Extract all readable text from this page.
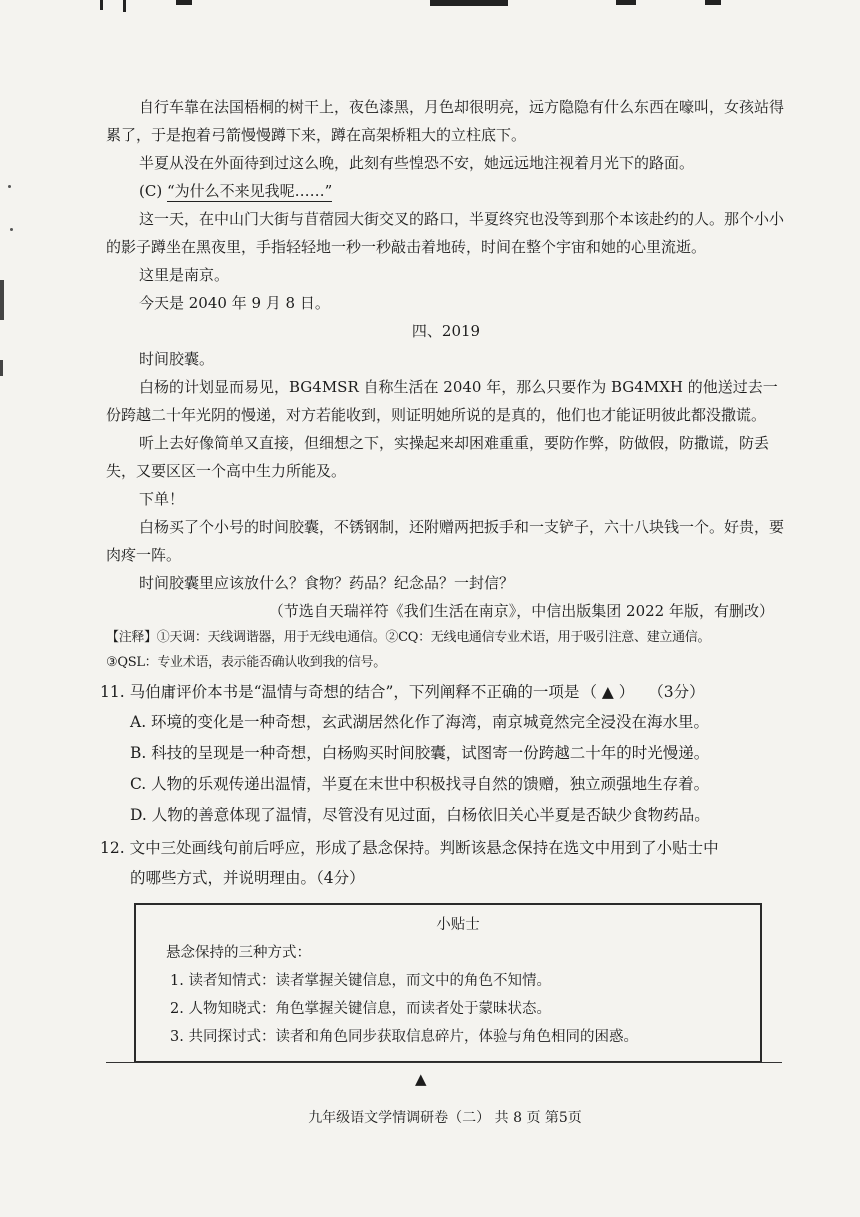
自行车靠在法国梧桐的树干上，夜色漆黑，月色却很明亮，远方隐隐有什么东西在嚎叫，女孩站得累了，于是抱着弓箭慢慢蹲下来，蹲在高架桥粗大的立柱底下。

半夏从没在外面待到过这么晚，此刻有些惶恐不安，她远远地注视着月光下的路面。

(C) “为什么不来见我呢……”

这一天，在中山门大街与苜蓿园大街交叉的路口，半夏终究也没等到那个本该赴约的人。那个小小的影子蹲坐在黑夜里，手指轻轻地一秒一秒敲击着地砖，时间在整个宇宙和她的心里流逝。

这里是南京。

今天是 2040 年 9 月 8 日。

四、2019

时间胶囊。

白杨的计划显而易见，BG4MSR 自称生活在 2040 年，那么只要作为 BG4MXH 的他送过去一份跨越二十年光阴的慢递，对方若能收到，则证明她所说的是真的，他们也才能证明彼此都没撒谎。

听上去好像简单又直接，但细想之下，实操起来却困难重重，要防作弊，防做假，防撒谎，防丢失，又要区区一个高中生力所能及。

下单！

白杨买了个小号的时间胶囊，不锈钢制，还附赠两把扳手和一支铲子，六十八块钱一个。好贵，要肉疼一阵。

时间胶囊里应该放什么？食物？药品？纪念品？一封信？

（节选自天瑞祥符《我们生活在南京》，中信出版集团 2022 年版，有删改）

【注释】①天调：天线调谐器，用于无线电通信。②CQ：无线电通信专业术语，用于吸引注意、建立通信。

③QSL：专业术语，表示能否确认收到我的信号。

11. 马伯庸评价本书是“温情与奇想的结合”，下列阐释不正确的一项是 （ ▲ ） （3分）

A. 环境的变化是一种奇想，玄武湖居然化作了海湾，南京城竟然完全浸没在海水里。

B. 科技的呈现是一种奇想，白杨购买时间胶囊，试图寄一份跨越二十年的时光慢递。

C. 人物的乐观传递出温情，半夏在末世中积极找寻自然的馈赠，独立顽强地生存着。

D. 人物的善意体现了温情，尽管没有见过面，白杨依旧关心半夏是否缺少食物药品。

12. 文中三处画线句前后呼应，形成了悬念保持。判断该悬念保持在选文中用到了小贴士中

的哪些方式，并说明理由。（4分）

小贴士

悬念保持的三种方式：

1. 读者知情式：读者掌握关键信息，而文中的角色不知情。

2. 人物知晓式：角色掌握关键信息，而读者处于蒙昧状态。

3. 共同探讨式：读者和角色同步获取信息碎片，体验与角色相同的困惑。

▲
九年级语文学情调研卷（二） 共 8 页 第5页
